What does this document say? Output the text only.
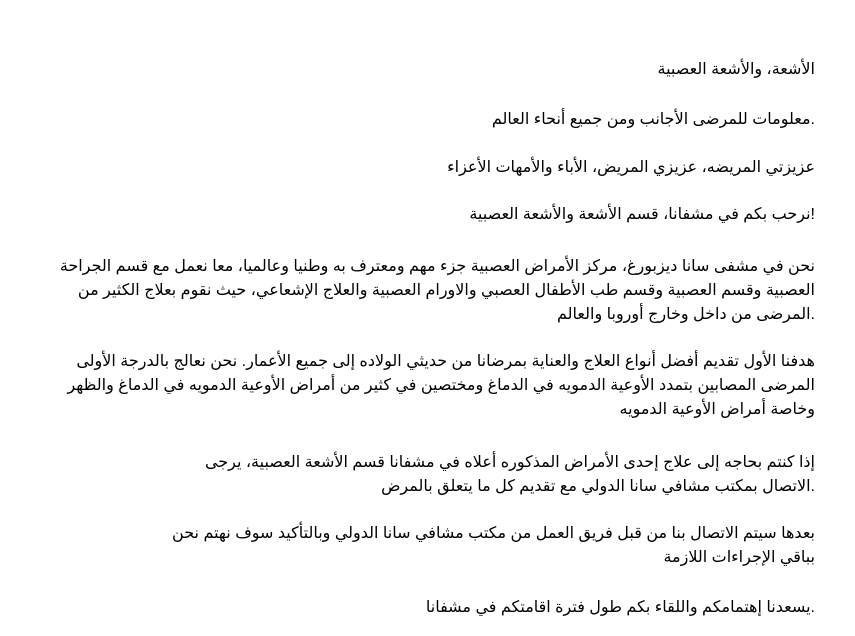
الأشعة، والأشعة العصبية

.معلومات للمرضى الأجانب ومن جميع أنحاء العالم

عزيزتي المريضه، عزيزي المريض، الأباء والأمهات الأعزاء

!نرحب بكم في مشفانا، قسم الأشعة والأشعة العصبية

نحن في مشفى سانا ديزبورغ، مركز الأمراض العصبية جزء مهم ومعترف به وطنيا وعالميا، معا نعمل مع قسم الجراحة

العصبية وقسم العصبية وقسم طب الأطفال العصبي والاورام العصبية والعلاج الإشعاعي، حيث نقوم بعلاج الكثير من

.المرضى من داخل وخارج أوروبا والعالم

هدفنا الأول تقديم أفضل أنواع العلاج والعناية بمرضانا من حديثي الولاده إلى جميع الأعمار. نحن نعالج بالدرجة الأولى

المرضى المصابين بتمدد الأوعية الدمويه في الدماغ ومختصين في كثير من أمراض الأوعية الدمويه في الدماغ والظهر

وخاصة أمراض الأوعية الدمويه

إذا كنتم بحاجه إلى علاج إحدى الأمراض المذكوره أعلاه في مشفانا قسم الأشعة العصبية، يرجى

.الاتصال بمكتب مشافي سانا الدولي مع تقديم كل ما يتعلق بالمرض

بعدها سيتم الاتصال بنا من قبل فريق العمل من مكتب مشافي سانا الدولي وبالتأكيد سوف نهتم نحن

بباقي الإجراءات اللازمة

.يسعدنا إهتمامكم واللقاء بكم طول فترة اقامتكم في مشفانا
